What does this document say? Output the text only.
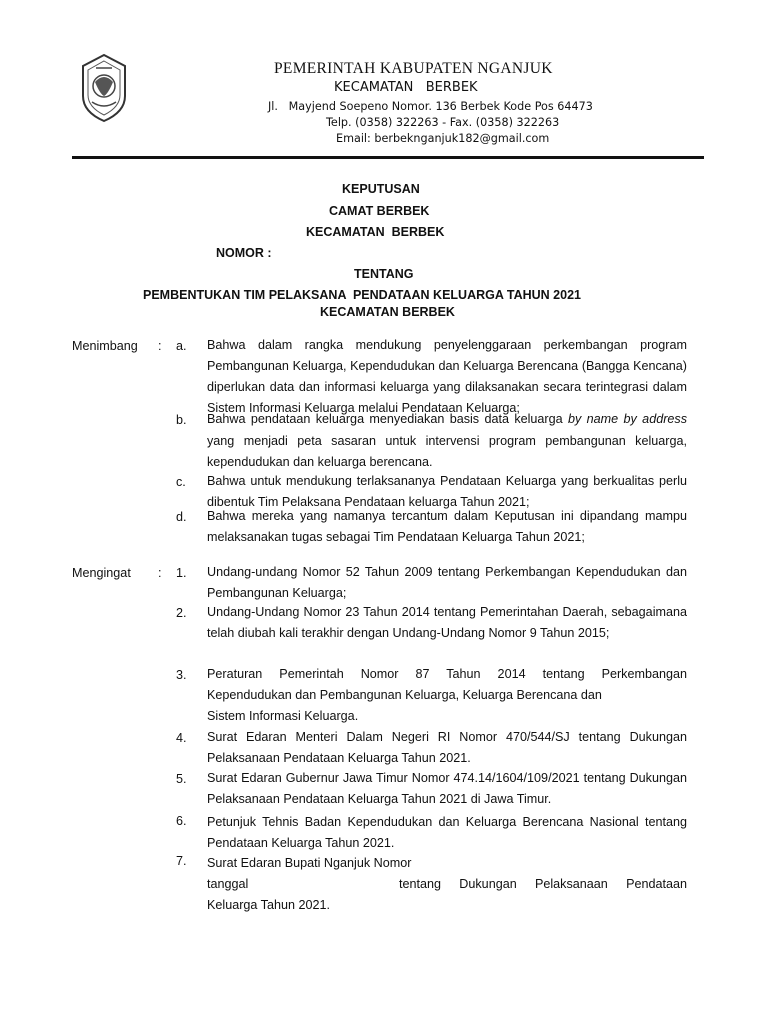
PEMERINTAH KABUPATEN NGANJUK
KECAMATAN   BERBEK
Jl.   Mayjend Soepeno Nomor. 136 Berbek Kode Pos 64473
Telp. (0358) 322263 - Fax. (0358) 322263
Email: berbeknganjuk182@gmail.com
KEPUTUSAN
CAMAT BERBEK
KECAMATAN  BERBEK
NOMOR :
TENTANG
PEMBENTUKAN TIM PELAKSANA  PENDATAAN KELUARGA TAHUN 2021
KECAMATAN BERBEK
Menimbang : a. Bahwa dalam rangka mendukung penyelenggaraan perkembangan program Pembangunan Keluarga, Kependudukan dan Keluarga Berencana (Bangga Kencana) diperlukan data dan informasi keluarga yang dilaksanakan secara terintegrasi dalam Sistem Informasi Keluarga melalui Pendataan Keluarga;

b. Bahwa pendataan keluarga menyediakan basis data keluarga by name by address yang menjadi peta sasaran untuk intervensi program pembangunan keluarga, kependudukan dan keluarga berencana.

c. Bahwa untuk mendukung terlaksananya Pendataan Keluarga yang berkualitas perlu dibentuk Tim Pelaksana Pendataan keluarga Tahun 2021;

d. Bahwa mereka yang namanya tercantum dalam Keputusan ini dipandang mampu melaksanakan tugas sebagai Tim Pendataan Keluarga Tahun 2021;

Mengingat : 1. Undang-undang Nomor 52 Tahun 2009 tentang Perkembangan Kependudukan dan Pembangunan Keluarga;

2. Undang-Undang Nomor 23 Tahun 2014 tentang Pemerintahan Daerah, sebagaimana telah diubah kali terakhir dengan Undang-Undang Nomor 9 Tahun 2015;

3. Peraturan Pemerintah Nomor 87 Tahun 2014 tentang Perkembangan
Kependudukan dan Pembangunan Keluarga, Keluarga Berencana dan
Sistem Informasi Keluarga.
4. Surat Edaran Menteri Dalam Negeri RI Nomor 470/544/SJ tentang Dukungan Pelaksanaan Pendataan Keluarga Tahun 2021.

5. Surat Edaran Gubernur Jawa Timur Nomor 474.14/1604/109/2021 tentang Dukungan Pelaksanaan Pendataan Keluarga Tahun 2021 di Jawa Timur.

6. Petunjuk Tehnis Badan Kependudukan dan Keluarga Berencana Nasional tentang Pendataan Keluarga Tahun 2021.

7. Surat Edaran Bupati Nganjuk Nomor
tanggal	tentang Dukungan Pelaksanaan Pendataan
Keluarga Tahun 2021.
